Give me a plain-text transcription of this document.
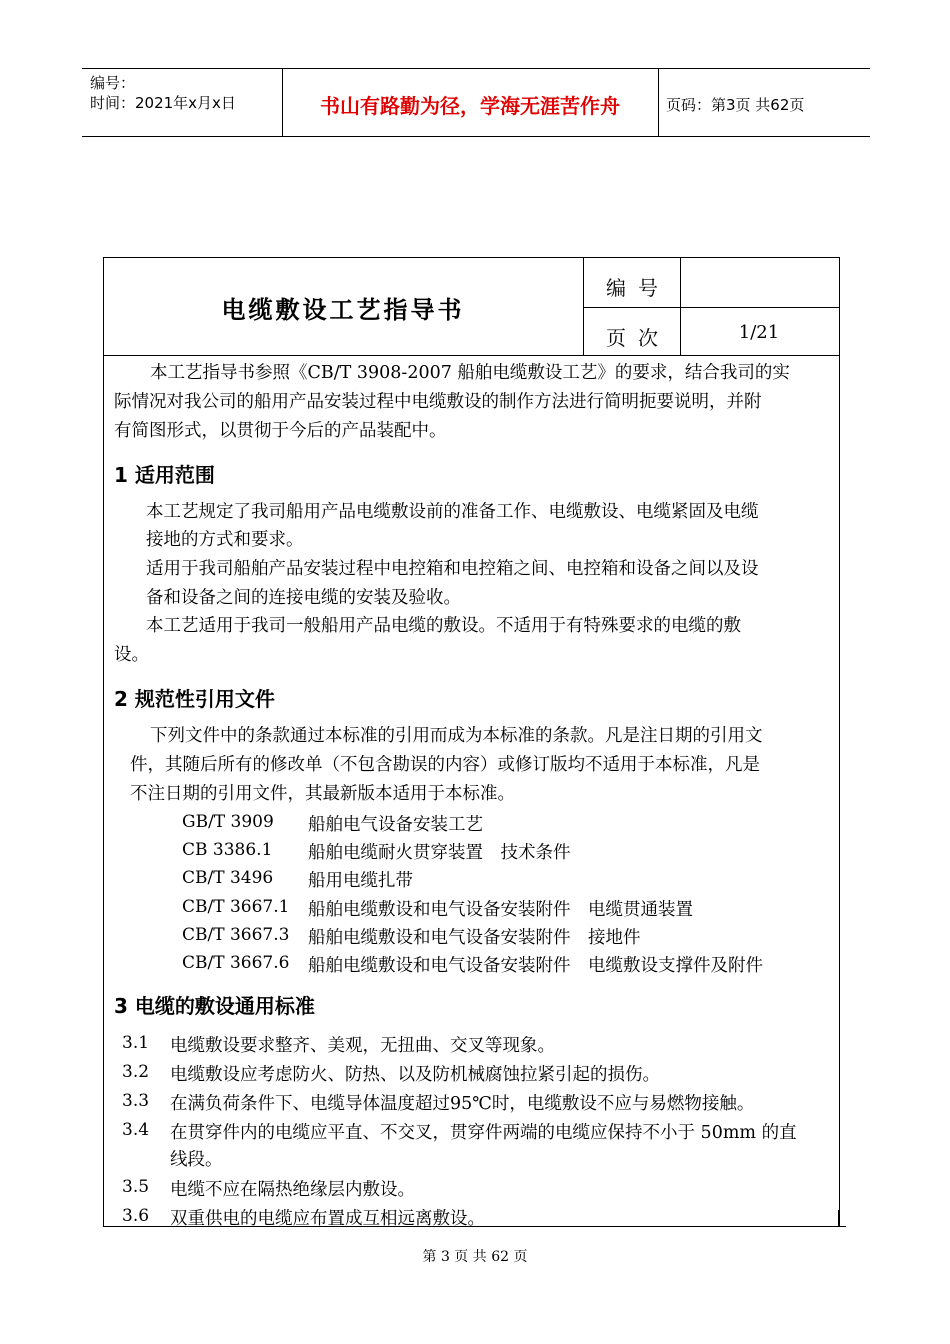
编号：
时间：2021年x月x日	书山有路勤为径，学海无涯苦作舟	页码：第3页 共62页
电缆敷设工艺指导书
编号
页次	1/21
本工艺指导书参照《CB/T 3908-2007 船舶电缆敷设工艺》的要求，结合我司的实
际情况对我公司的船用产品安装过程中电缆敷设的制作方法进行简明扼要说明，并附
有简图形式，以贯彻于今后的产品装配中。
1 适用范围
本工艺规定了我司船用产品电缆敷设前的准备工作、电缆敷设、电缆紧固及电缆
接地的方式和要求。
适用于我司船舶产品安装过程中电控箱和电控箱之间、电控箱和设备之间以及设
备和设备之间的连接电缆的安装及验收。
本工艺适用于我司一般船用产品电缆的敷设。不适用于有特殊要求的电缆的敷
设。
2 规范性引用文件
下列文件中的条款通过本标准的引用而成为本标准的条款。凡是注日期的引用文
件，其随后所有的修改单（不包含勘误的内容）或修订版均不适用于本标准，凡是
不注日期的引用文件，其最新版本适用于本标准。
GB/T 3909 船舶电气设备安装工艺
CB 3386.1 船舶电缆耐火贯穿装置　技术条件
CB/T 3496 船用电缆扎带
CB/T 3667.1 船舶电缆敷设和电气设备安装附件　电缆贯通装置
CB/T 3667.3 船舶电缆敷设和电气设备安装附件　接地件
CB/T 3667.6 船舶电缆敷设和电气设备安装附件　电缆敷设支撑件及附件
3 电缆的敷设通用标准
3.1 电缆敷设要求整齐、美观，无扭曲、交叉等现象。
3.2 电缆敷设应考虑防火、防热、以及防机械腐蚀拉紧引起的损伤。
3.3 在满负荷条件下、电缆导体温度超过95℃时，电缆敷设不应与易燃物接触。
3.4 在贯穿件内的电缆应平直、不交叉，贯穿件两端的电缆应保持不小于 50mm 的直
线段。
3.5 电缆不应在隔热绝缘层内敷设。
3.6 双重供电的电缆应布置成互相远离敷设。
第 3 页 共 62 页
